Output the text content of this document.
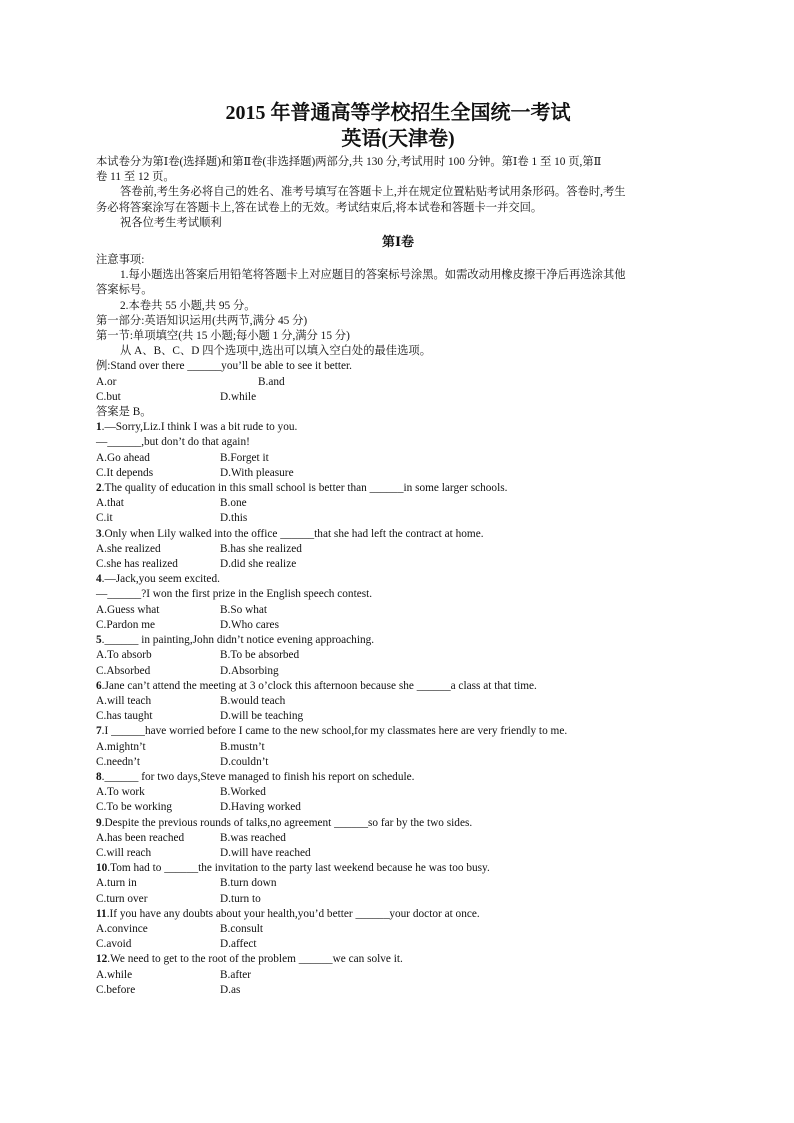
2015 年普通高等学校招生全国统一考试
英语(天津卷)
本试卷分为第Ⅰ卷(选择题)和第Ⅱ卷(非选择题)两部分,共 130 分,考试用时 100 分钟。第Ⅰ卷 1 至 10 页,第Ⅱ
卷 11 至 12 页。
答卷前,考生务必将自己的姓名、准考号填写在答题卡上,并在规定位置粘贴考试用条形码。答卷时,考生
务必将答案涂写在答题卡上,答在试卷上的无效。考试结束后,将本试卷和答题卡一并交回。
祝各位考生考试顺利
第Ⅰ卷
注意事项:
1.每小题选出答案后用铅笔将答题卡上对应题目的答案标号涂黑。如需改动用橡皮擦干净后再选涂其他
答案标号。
2.本卷共 55 小题,共 95 分。
第一部分:英语知识运用(共两节,满分 45 分)
第一节:单项填空(共 15 小题;每小题 1 分,满分 15 分)
从 A、B、C、D 四个选项中,选出可以填入空白处的最佳选项。
例:Stand over there ______you’ll be able to see it better.
A.or	B.and
C.but	D.while
答案是 B。
1.—Sorry,Liz.I think I was a bit rude to you.
—______,but don’t do that again!
A.Go ahead	B.Forget it
C.It depends	D.With pleasure
2.The quality of education in this small school is better than ______in some larger schools.
A.that	B.one
C.it	D.this
3.Only when Lily walked into the office ______that she had left the contract at home.
A.she realized	B.has she realized
C.she has realized	D.did she realize
4.—Jack,you seem excited.
—______?I won the first prize in the English speech contest.
A.Guess what	B.So what
C.Pardon me	D.Who cares
5.______ in painting,John didn’t notice evening approaching.
A.To absorb	B.To be absorbed
C.Absorbed	D.Absorbing
6.Jane can’t attend the meeting at 3 o’clock this afternoon because she ______a class at that time.
A.will teach	B.would teach
C.has taught	D.will be teaching
7.I ______have worried before I came to the new school,for my classmates here are very friendly to me.
A.mightn’t	B.mustn’t
C.needn’t	D.couldn’t
8.______ for two days,Steve managed to finish his report on schedule.
A.To work	B.Worked
C.To be working	D.Having worked
9.Despite the previous rounds of talks,no agreement ______so far by the two sides.
A.has been reached	B.was reached
C.will reach	D.will have reached
10.Tom had to ______the invitation to the party last weekend because he was too busy.
A.turn in	B.turn down
C.turn over	D.turn to
11.If you have any doubts about your health,you’d better ______your doctor at once.
A.convince	B.consult
C.avoid	D.affect
12.We need to get to the root of the problem ______we can solve it.
A.while	B.after
C.before	D.as
